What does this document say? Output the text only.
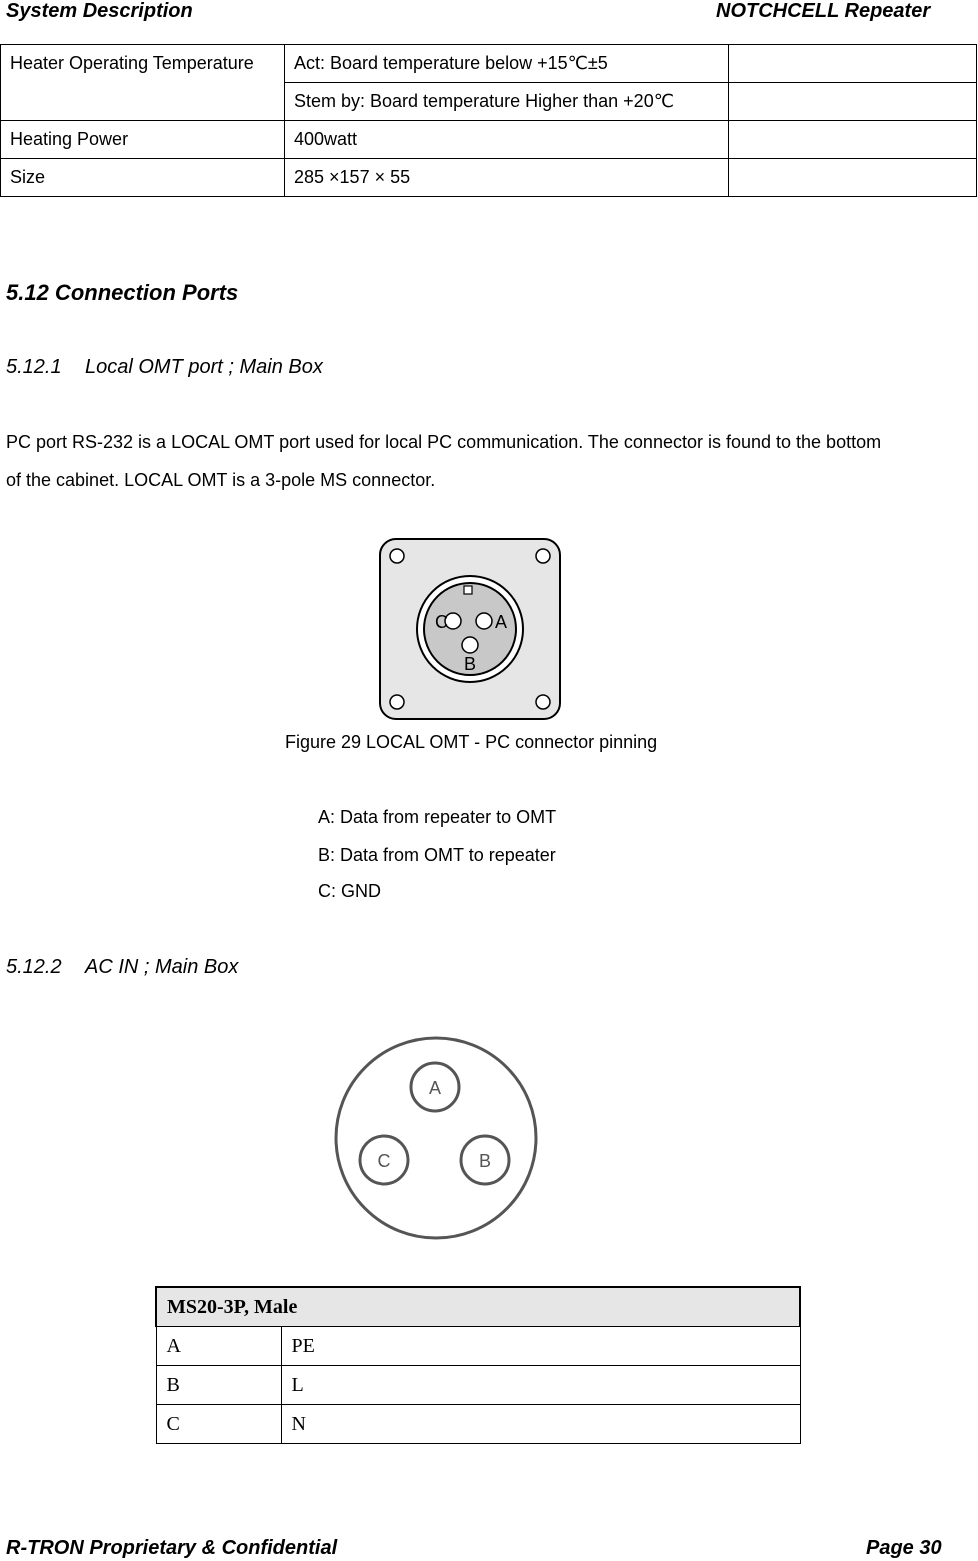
System Description	NOTCHCELL Repeater
Heater Operating Temperature	Act: Board temperature below +15℃±5	
	Stem by: Board temperature Higher than +20℃	
Heating Power	400watt	
Size	285 ×157 × 55	
5.12 Connection Ports
5.12.1 Local OMT port ; Main Box
PC port RS-232 is a LOCAL OMT port used for local PC communication. The connector is found to the bottom
of the cabinet. LOCAL OMT is a 3-pole MS connector.
C	A
B
Figure 29 LOCAL OMT - PC connector pinning
A: Data from repeater to OMT
B: Data from OMT to repeater
C: GND
5.12.2 AC IN ; Main Box
A
B
C
MS20-3P, Male	
A	PE
B	L
C	N
R-TRON Proprietary & Confidential	Page 30
